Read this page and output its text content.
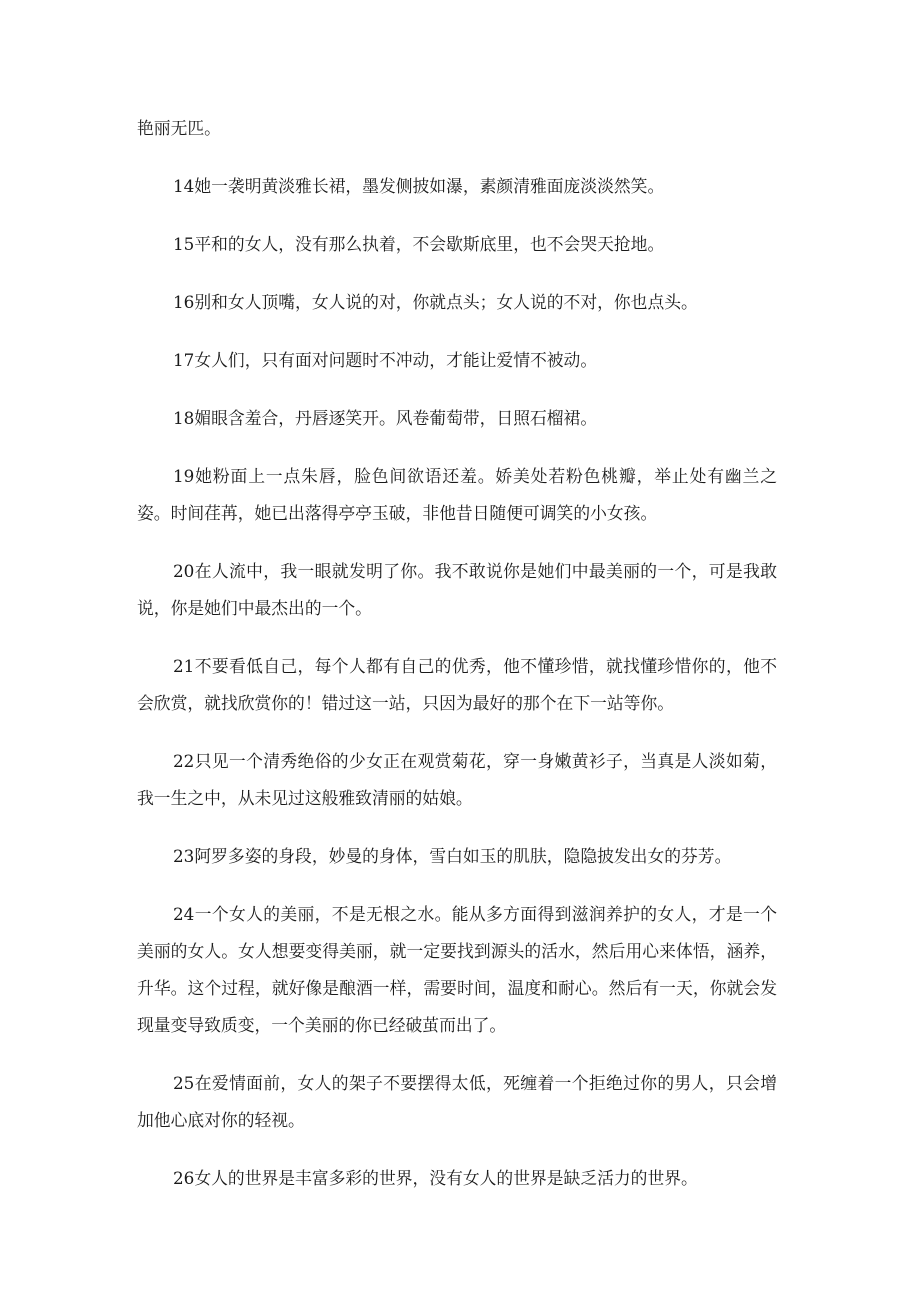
艳丽无匹。

14她一袭明黄淡雅长裙，墨发侧披如瀑，素颜清雅面庞淡淡然笑。

15平和的女人，没有那么执着，不会歇斯底里，也不会哭天抢地。

16别和女人顶嘴，女人说的对，你就点头；女人说的不对，你也点头。

17女人们，只有面对问题时不冲动，才能让爱情不被动。

18媚眼含羞合，丹唇逐笑开。风卷葡萄带，日照石榴裙。

19她粉面上一点朱唇，脸色间欲语还羞。娇美处若粉色桃瓣，举止处有幽兰之姿。时间荏苒，她已出落得亭亭玉破，非他昔日随便可调笑的小女孩。

20在人流中，我一眼就发明了你。我不敢说你是她们中最美丽的一个，可是我敢说，你是她们中最杰出的一个。

21不要看低自己，每个人都有自己的优秀，他不懂珍惜，就找懂珍惜你的，他不会欣赏，就找欣赏你的！错过这一站，只因为最好的那个在下一站等你。

22只见一个清秀绝俗的少女正在观赏菊花，穿一身嫩黄衫子，当真是人淡如菊，我一生之中，从未见过这般雅致清丽的姑娘。

23阿罗多姿的身段，妙曼的身体，雪白如玉的肌肤，隐隐披发出女的芬芳。

24一个女人的美丽，不是无根之水。能从多方面得到滋润养护的女人，才是一个美丽的女人。女人想要变得美丽，就一定要找到源头的活水，然后用心来体悟，涵养，升华。这个过程，就好像是酿酒一样，需要时间，温度和耐心。然后有一天，你就会发现量变导致质变，一个美丽的你已经破茧而出了。

25在爱情面前，女人的架子不要摆得太低，死缠着一个拒绝过你的男人，只会增加他心底对你的轻视。

26女人的世界是丰富多彩的世界，没有女人的世界是缺乏活力的世界。
